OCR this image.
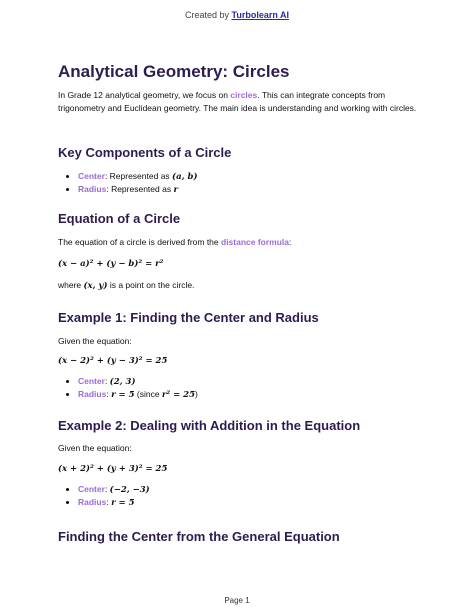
Created by Turbolearn AI
Analytical Geometry: Circles

In Grade 12 analytical geometry, we focus on circles. This can integrate concepts from trigonometry and Euclidean geometry. The main idea is understanding and working with circles.

Key Components of a Circle
• Center: Represented as (a, b)
• Radius: Represented as r
Equation of a Circle

The equation of a circle is derived from the distance formula:

(x − a)² + (y − b)² = r²

where (x, y) is a point on the circle.

Example 1: Finding the Center and Radius

Given the equation:

(x − 2)² + (y − 3)² = 25

• Center: (2, 3)
• Radius: r = 5 (since r² = 25)
Example 2: Dealing with Addition in the Equation

Given the equation:

(x + 2)² + (y + 3)² = 25

• Center: (−2, −3)
• Radius: r = 5
Finding the Center from the General Equation
Page 1
